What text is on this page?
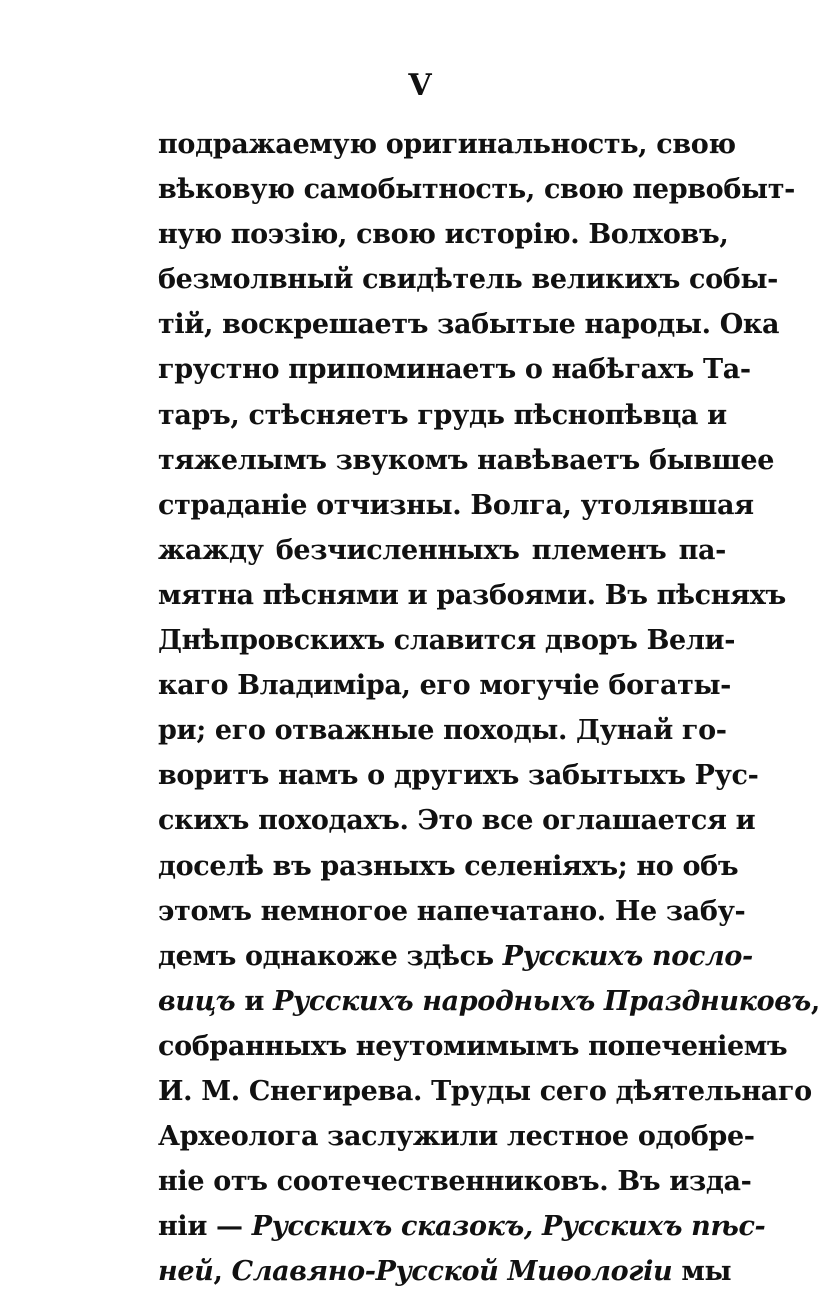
V
подражаемую оригинальность, свою
вѣковую самобытность, свою первобыт-
ную поэзію, свою исторію. Волховъ,
безмолвный свидѣтель великихъ собы-
тій, воскрешаетъ забытые народы. Ока
грустно припоминаетъ о набѣгахъ Та-
таръ, стѣсняетъ грудь пѣснопѣвца и
тяжелымъ звукомъ навѣваетъ бывшее
страданіе отчизны. Волга, утолявшая
жажду безчисленныхъ племенъ па-
мятна пѣснями и разбоями. Въ пѣсняхъ
Днѣпровскихъ славится дворъ Вели-
каго Владиміра, его могучіе богаты-
ри; его отважные походы. Дунай го-
воритъ намъ о другихъ забытыхъ Рус-
скихъ походахъ. Это все оглашается и
доселѣ въ разныхъ селеніяхъ; но объ
этомъ немногое напечатано. Не забу-
демъ однакожe здѣсь Русскихъ посло-
вицъ и Русскихъ народныхъ Праздниковъ,
собранныхъ неутомимымъ попеченіемъ
И. М. Снегирева. Труды сего дѣятельнаго
Археолога заслужили лестное одобре-
ніе отъ соотечественниковъ. Въ изда-
ніи — Русскихъ сказокъ, Русскихъ пѣс-
ней, Славяно-Русской Миѳологіи мы
